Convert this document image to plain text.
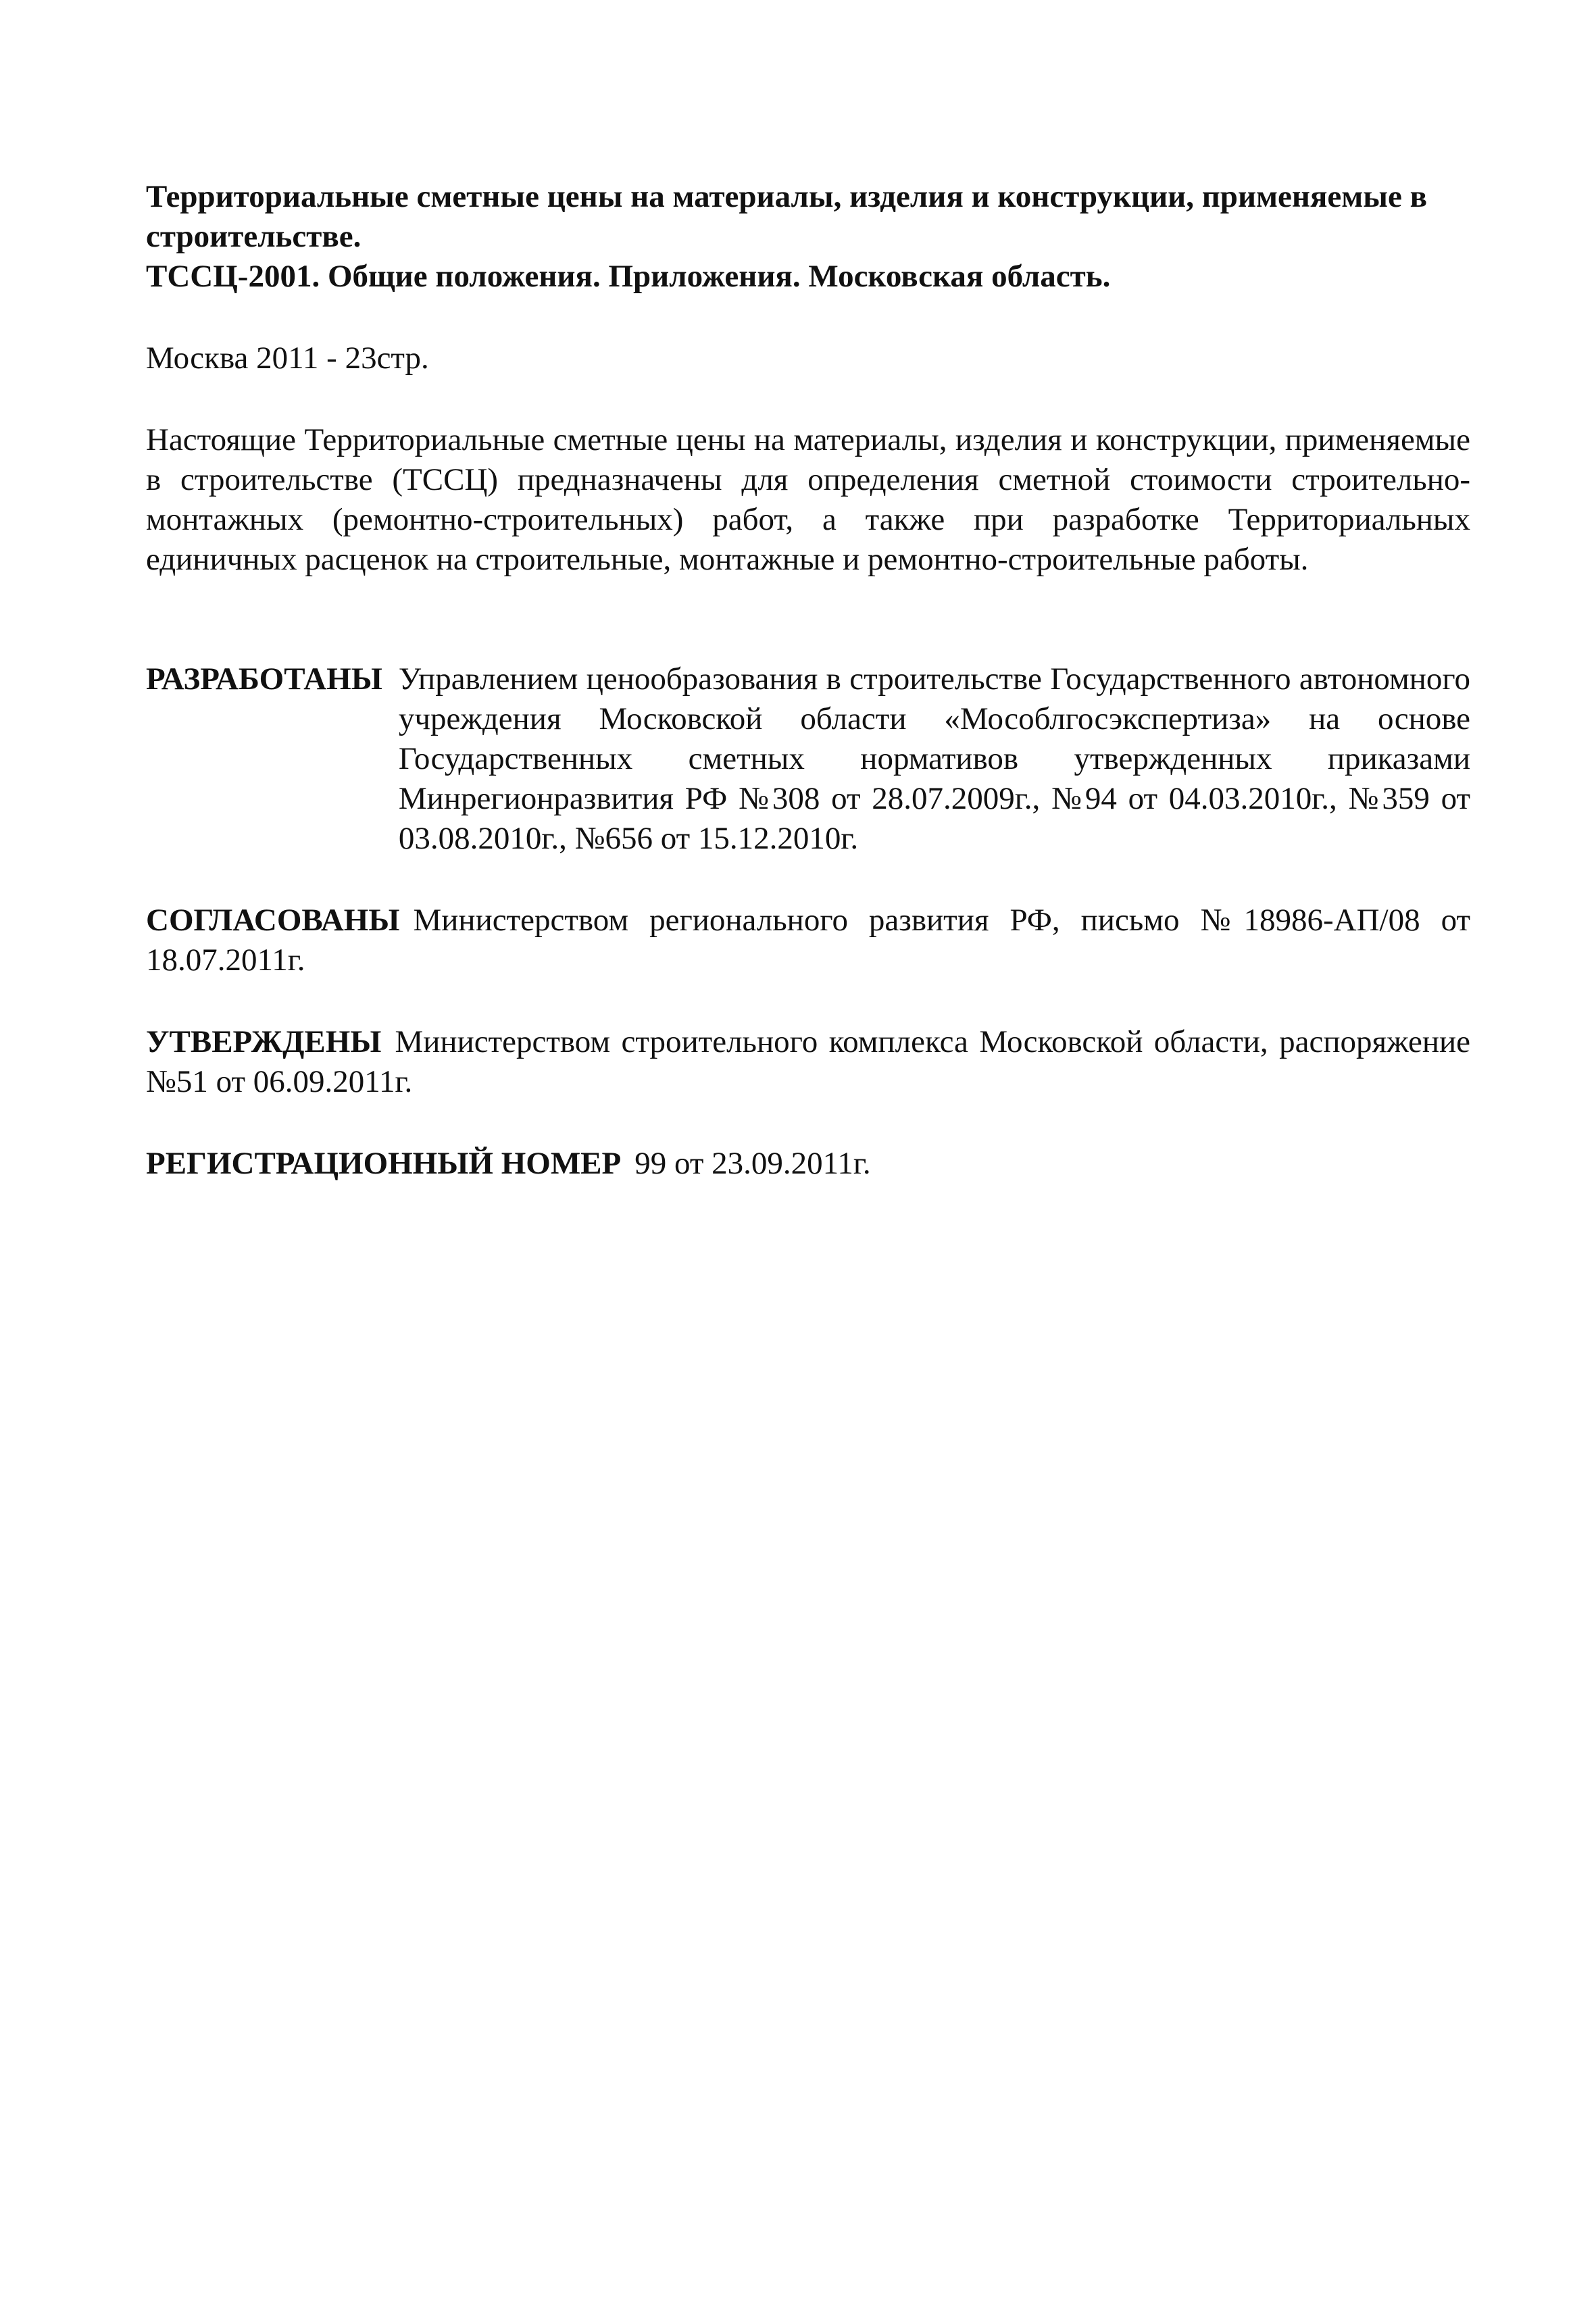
Территориальные сметные цены на материалы, изделия и конструкции, применяемые в строительстве.
ТССЦ-2001. Общие положения. Приложения. Московская область.

Москва 2011 - 23стр.

Настоящие Территориальные сметные цены на материалы, изделия и конструкции, применяемые в строительстве (ТССЦ) предназначены для определения сметной стоимости строительно-монтажных (ремонтно-строительных) работ, а также при разработке Территориальных единичных расценок на строительные, монтажные и ремонтно-строительные работы.

РАЗРАБОТАНЫ Управлением ценообразования в строительстве Государственного автономного учреждения Московской области «Мособлгосэкспертиза» на основе Государственных сметных нормативов утвержденных приказами Минрегионразвития РФ №308 от 28.07.2009г., №94 от 04.03.2010г., №359 от 03.08.2010г., №656 от 15.12.2010г.

СОГЛАСОВАНЫ Министерством регионального развития РФ, письмо №18986-АП/08 от 18.07.2011г.

УТВЕРЖДЕНЫ Министерством строительного комплекса Московской области, распоряжение №51 от 06.09.2011г.

РЕГИСТРАЦИОННЫЙ НОМЕР 99 от 23.09.2011г.
